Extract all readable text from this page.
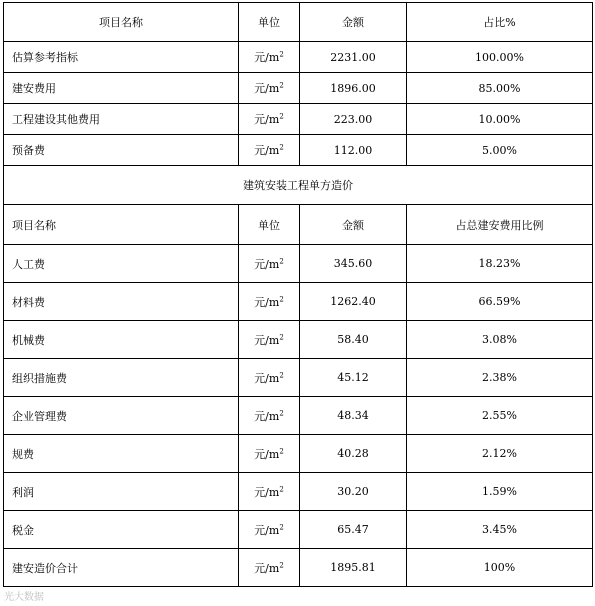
项目名称	单位	金额	占比%
估算参考指标	元$/m^2$	2231.00	100.00%
建安费用	元$/m^2$	1896.00	85.00%
工程建设其他费用	元$/m^2$	223.00	10.00%
预备费	元$/m^2$	112.00	5.00%
建筑安装工程单方造价			
项目名称	单位	金额	占总建安费用比例
人工费	元$/m^2$	345.60	18.23%
材料费	元$/m^2$	1262.40	66.59%
机械费	元$/m^2$	58.40	3.08%
组织措施费	元$/m^2$	45.12	2.38%
企业管理费	元$/m^2$	48.34	2.55%
规费	元$/m^2$	40.28	2.12%
利润	元$/m^2$	30.20	1.59%
税金	元$/m^2$	65.47	3.45%
建安造价合计	元$/m^2$	1895.81	100%
光大数据
